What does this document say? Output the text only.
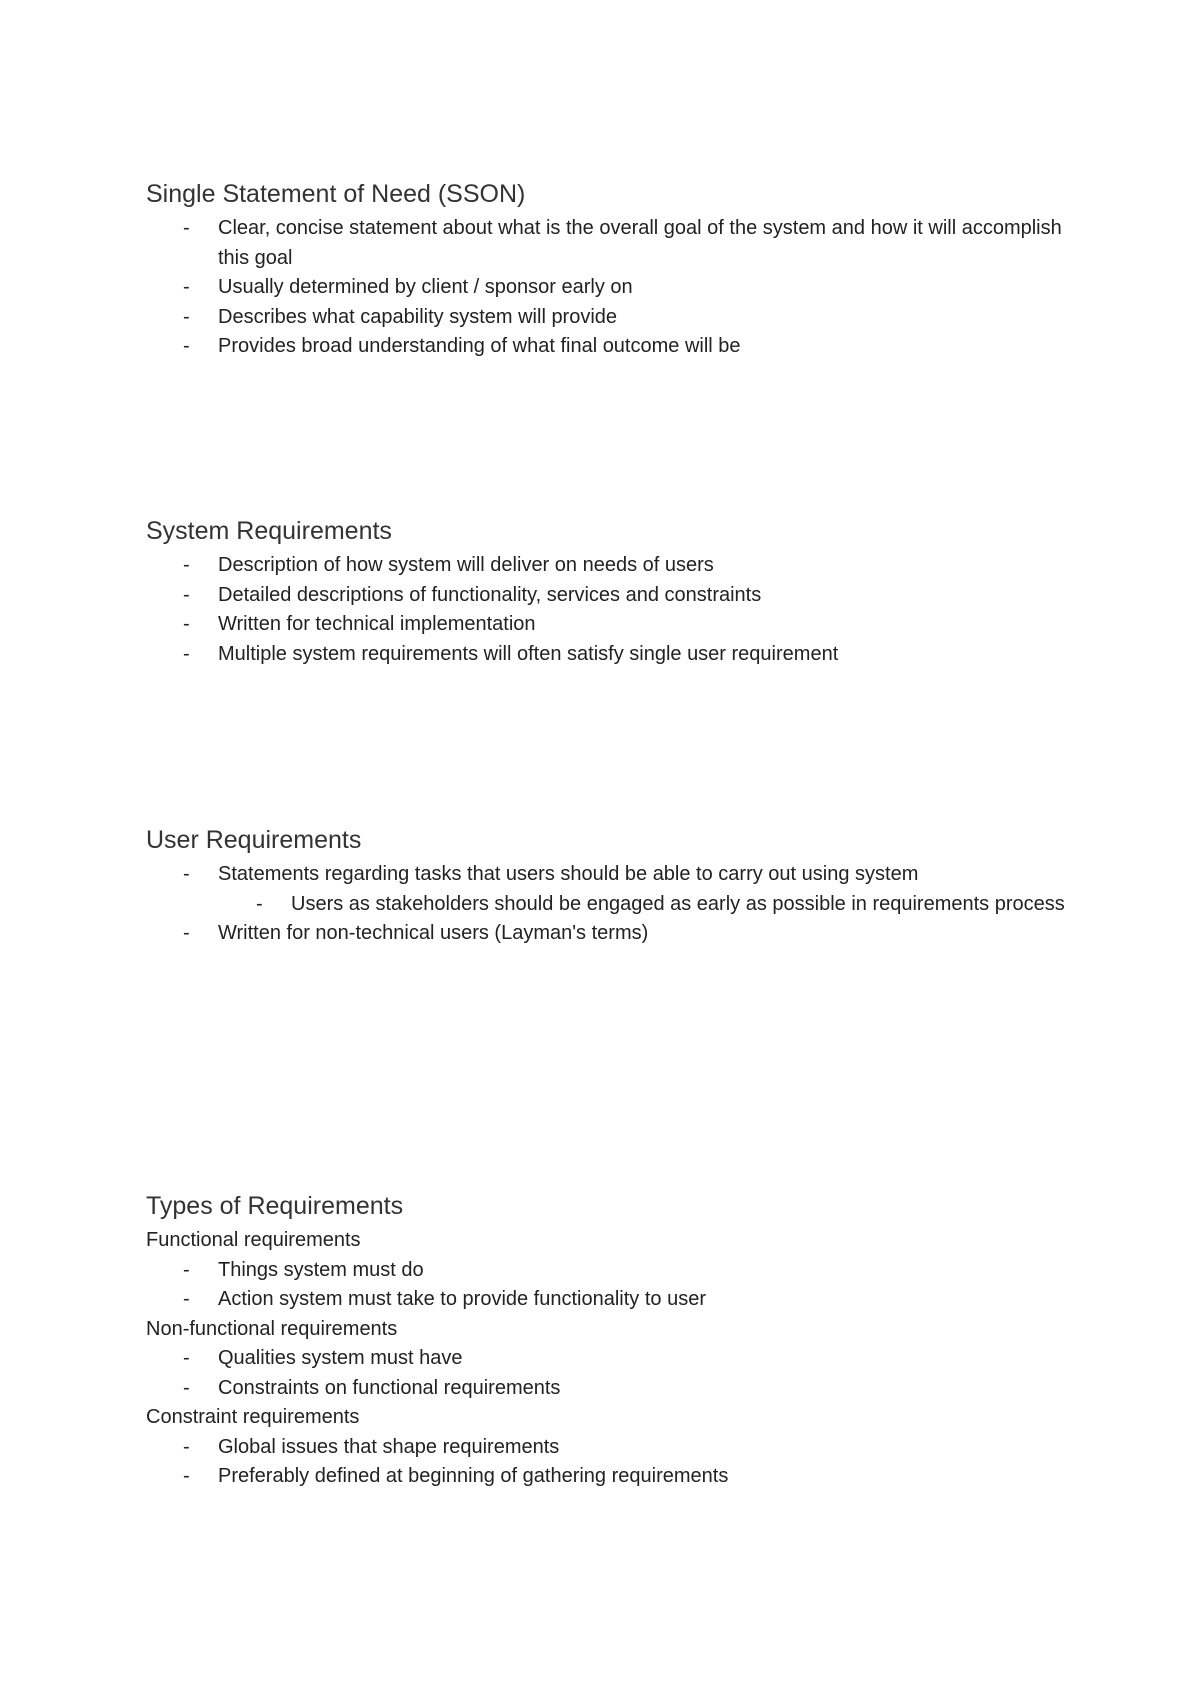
Single Statement of Need (SSON)
- Clear, concise statement about what is the overall goal of the system and how it will accomplish this goal
- Usually determined by client / sponsor early on
- Describes what capability system will provide
- Provides broad understanding of what final outcome will be
System Requirements
- Description of how system will deliver on needs of users
- Detailed descriptions of functionality, services and constraints
- Written for technical implementation
- Multiple system requirements will often satisfy single user requirement
User Requirements
- Statements regarding tasks that users should be able to carry out using system
- Users as stakeholders should be engaged as early as possible in requirements process
- Written for non-technical users (Layman's terms)
Types of Requirements

Functional requirements

- Things system must do
- Action system must take to provide functionality to user

Non-functional requirements

- Qualities system must have
- Constraints on functional requirements

Constraint requirements

- Global issues that shape requirements
- Preferably defined at beginning of gathering requirements
